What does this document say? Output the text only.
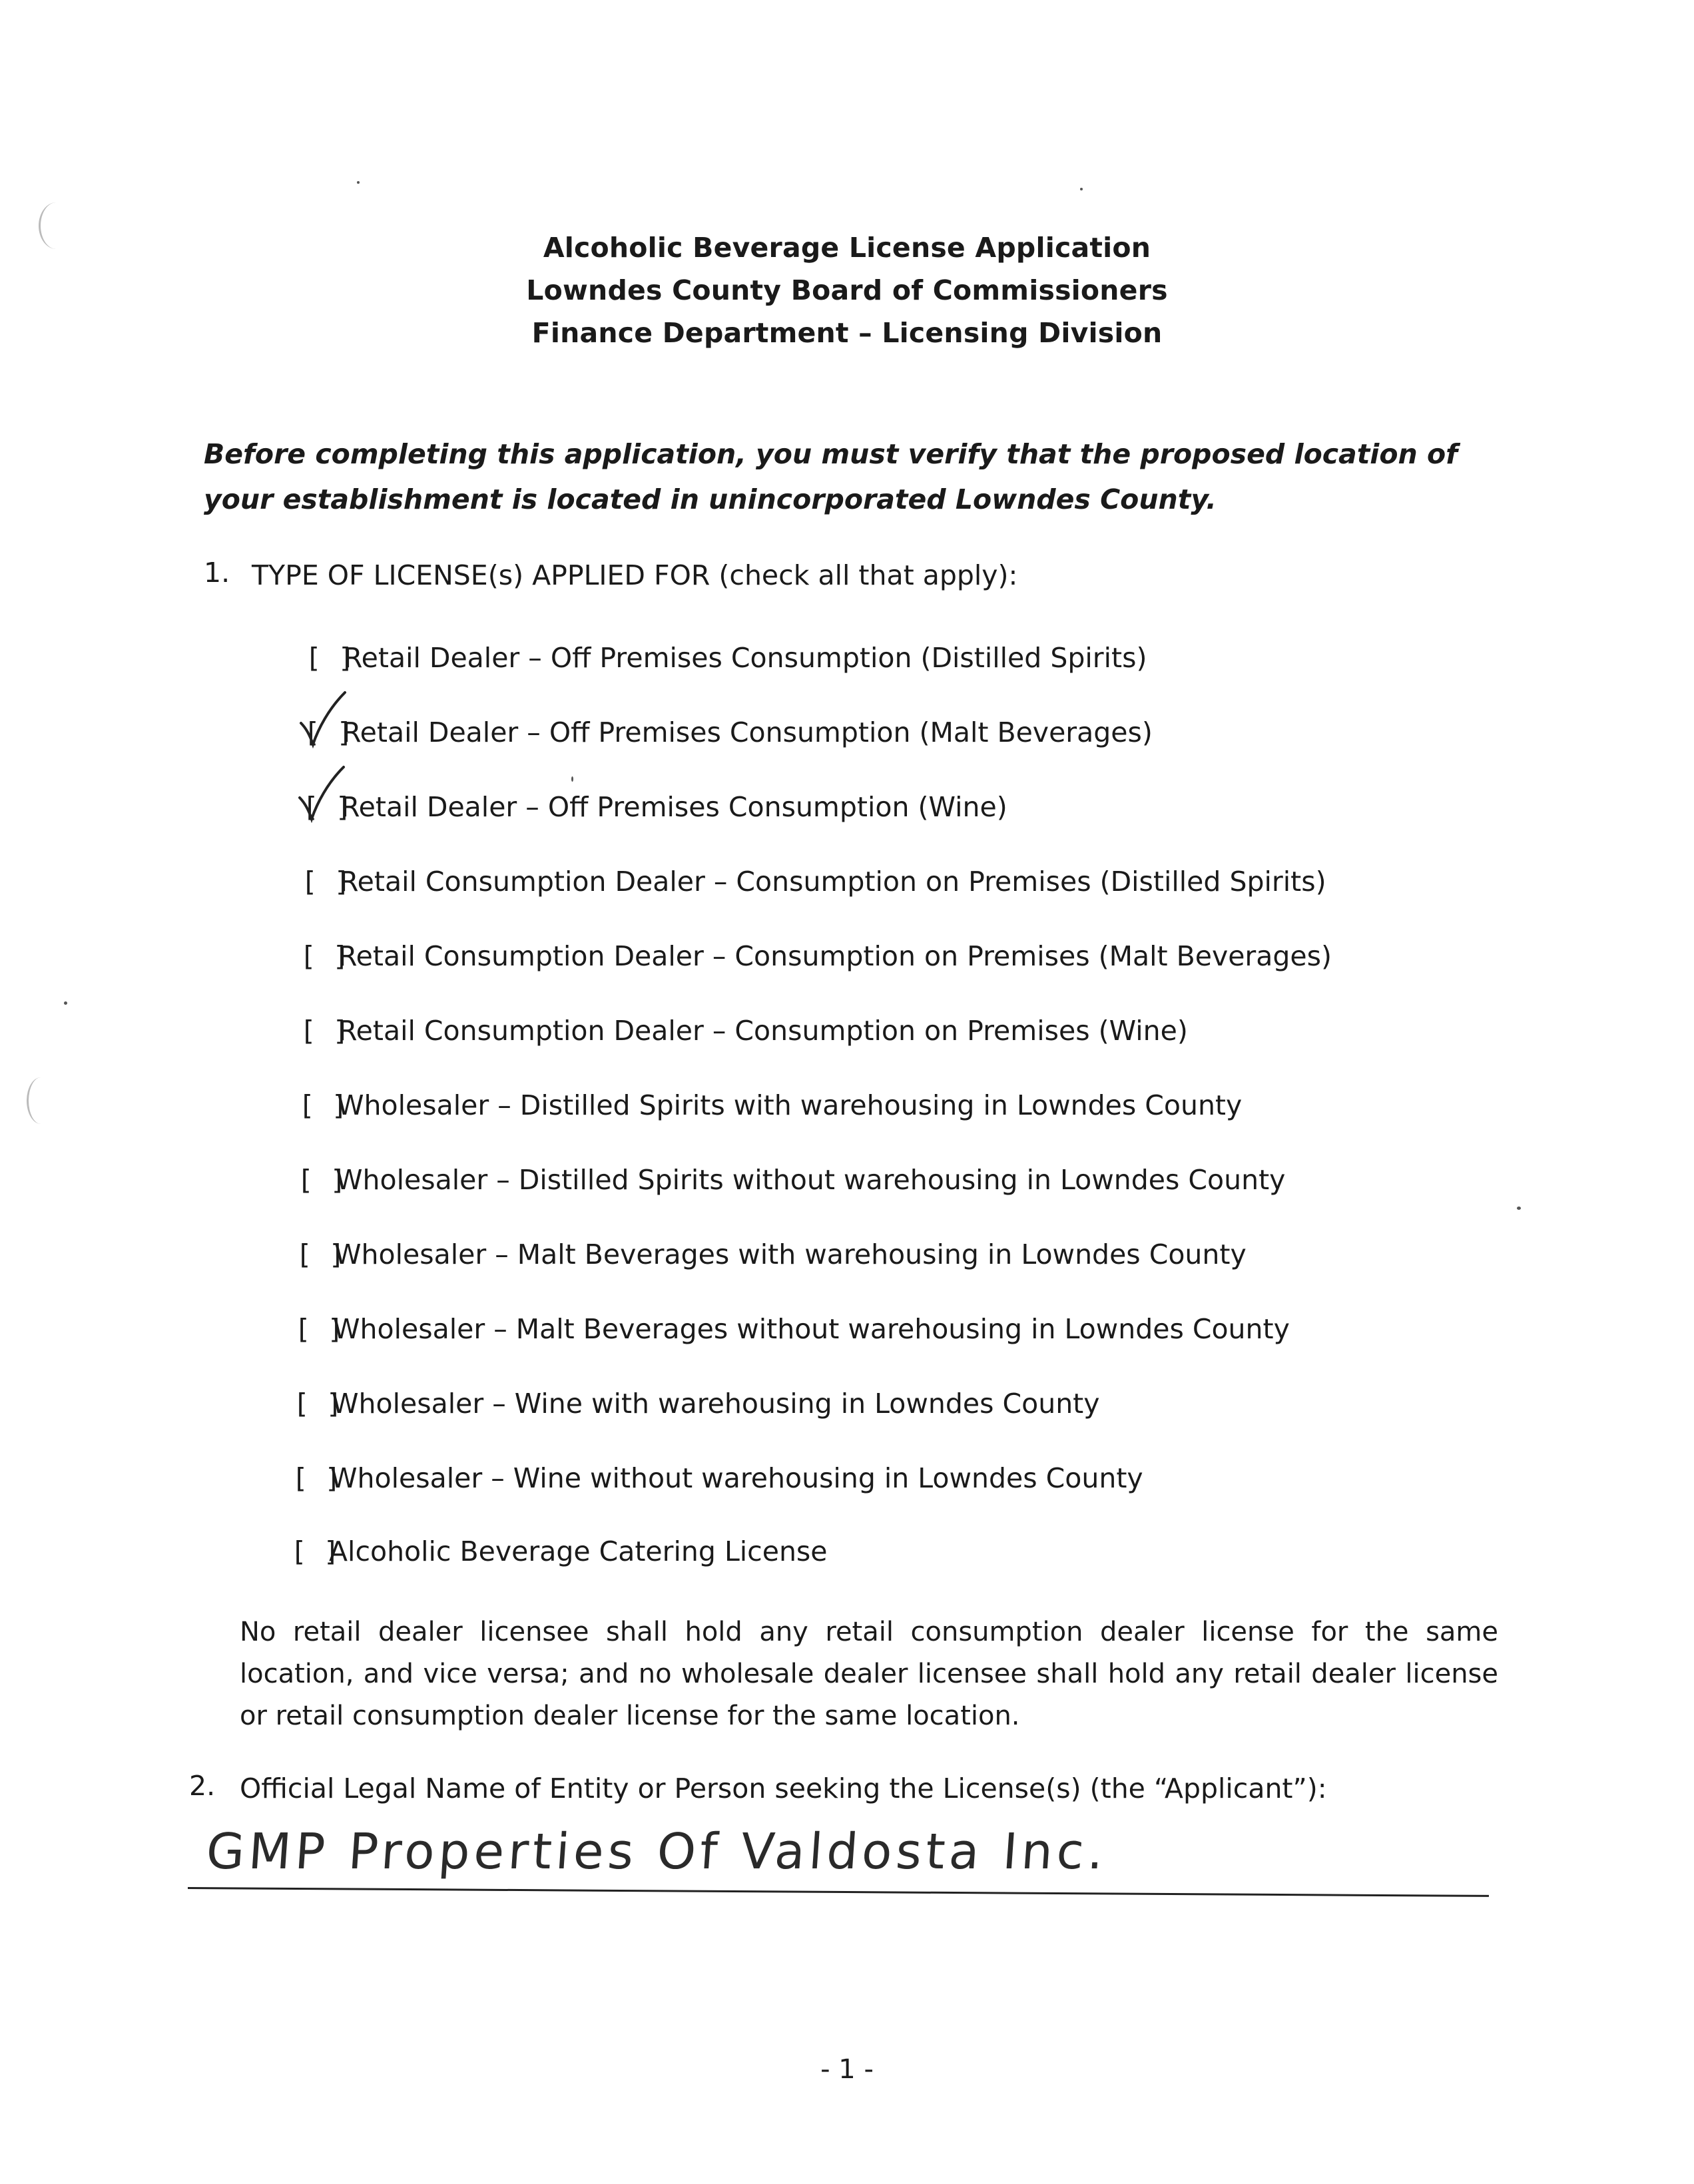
Alcoholic Beverage License Application
Lowndes County Board of Commissioners
Finance Department – Licensing Division
Before completing this application, you must verify that the proposed location of your establishment is located in unincorporated Lowndes County.
1. TYPE OF LICENSE(s) APPLIED FOR (check all that apply):
[ ]Retail Dealer – Off Premises Consumption (Distilled Spirits)
[ ]
Retail Dealer – Off Premises Consumption (Malt Beverages)
[ ]
Retail Dealer – Off Premises Consumption (Wine)
[ ]Retail Consumption Dealer – Consumption on Premises (Distilled Spirits)
[ ]Retail Consumption Dealer – Consumption on Premises (Malt Beverages)
[ ]Retail Consumption Dealer – Consumption on Premises (Wine)
[ ]Wholesaler – Distilled Spirits with warehousing in Lowndes County
[ ]Wholesaler – Distilled Spirits without warehousing in Lowndes County
[ ]Wholesaler – Malt Beverages with warehousing in Lowndes County
[ ]Wholesaler – Malt Beverages without warehousing in Lowndes County
[ ]Wholesaler – Wine with warehousing in Lowndes County
[ ]Wholesaler – Wine without warehousing in Lowndes County
[ ]Alcoholic Beverage Catering License
No retail dealer licensee shall hold any retail consumption dealer license for the same location, and vice versa; and no wholesale dealer licensee shall hold any retail dealer license or retail consumption dealer license for the same location.
2. Official Legal Name of Entity or Person seeking the License(s) (the “Applicant”):
GMP Properties Of Valdosta Inc.
- 1 -
